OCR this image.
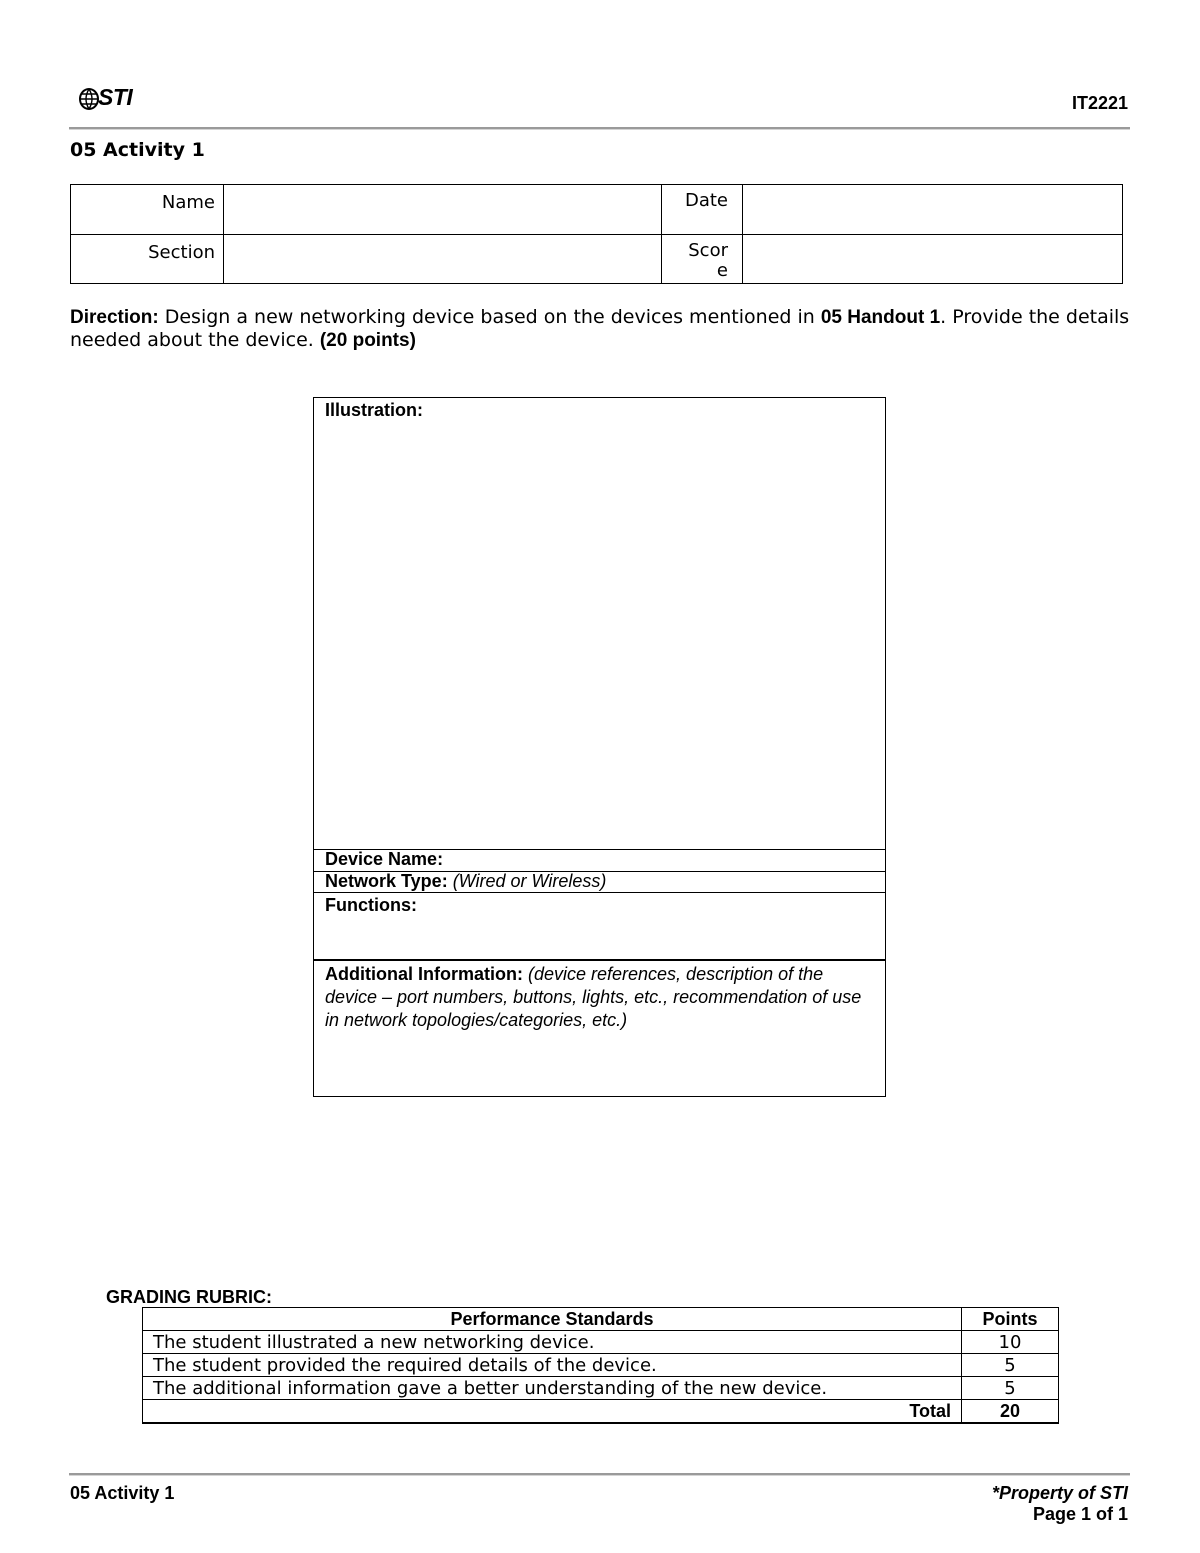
STI	IT2221
05 Activity 1
Name		Date	
Section		Score	
Direction: Design a new networking device based on the devices mentioned in 05 Handout 1. Provide the details needed about the device. (20 points)
Illustration:
Device Name:
Network Type: (Wired or Wireless)
Functions:
Additional Information: (device references, description of the device – port numbers, buttons, lights, etc., recommendation of use in network topologies/categories, etc.)
GRADING RUBRIC:
Performance Standards	Points
The student illustrated a new networking device.	10
The student provided the required details of the device.	5
The additional information gave a better understanding of the new device.	5
Total	20
05 Activity 1	*Property of STI
Page 1 of 1
